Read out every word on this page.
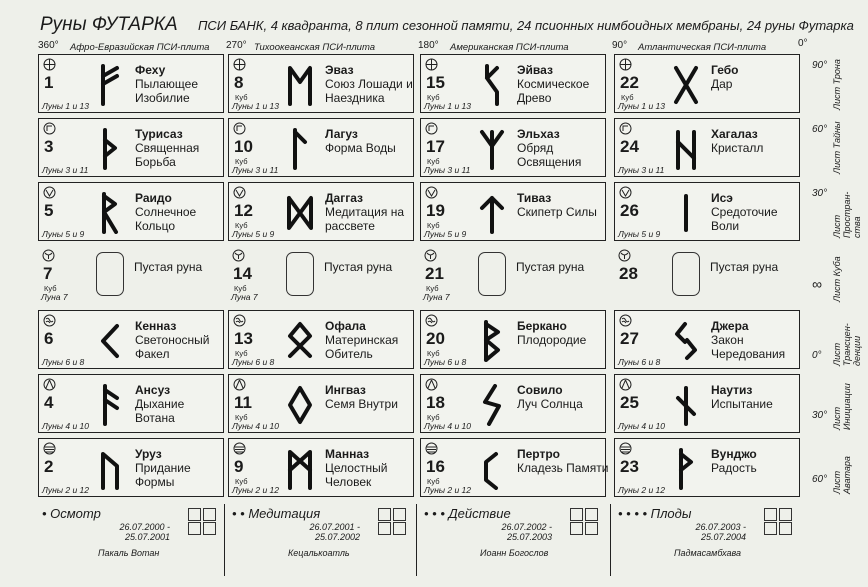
Руны ФУТАРКА ПСИ БАНК, 4 квадранта, 8 плит сезонной памяти, 24 псионных нимбоидных мембраны, 24 руны Футарка
360° Афро-Евразийская ПСИ-плита 270° Тихоокеанская ПСИ-плита	180° Американская ПСИ-плита	90° Атлантическая ПСИ-плита	0°
1
Луны 1 и 13
Феху
Пылающее Изобилие
3
Луны 3 и 11
Турисаз
Священная Борьба
5
Луны 5 и 9
Раидо
Солнечное Кольцо
7
Куб
Луна 7
Пустая руна
6
Луны 6 и 8
Кенназ
Светоносный Факел
4
Луны 4 и 10
Ансуз
Дыхание Вотана
2
Луны 2 и 12
Уруз
Придание Формы
8
Куб
Луны 1 и 13
Эваз
Союз Лошади и Наездника
10
Куб
Луны 3 и 11
Лагуз
Форма Воды
12
Куб
Луны 5 и 9
Даггаз
Медитация на рассвете
14
Куб
Луна 7
Пустая руна
13
Куб
Луны 6 и 8
Офала
Материнская Обитель
11
Куб
Луны 4 и 10
Ингваз
Семя Внутри
9
Куб
Луны 2 и 12
Манназ
Целостный Человек
15
Куб
Луны 1 и 13
Эйваз
Космическое Древо
17
Куб
Луны 3 и 11
Эльхаз
Обряд Освящения
19
Куб
Луны 5 и 9
Тиваз
Скипетр Силы
21
Куб
Луна 7
Пустая руна
20
Куб
Луны 6 и 8
Беркано
Плодородие
18
Куб
Луны 4 и 10
Совило
Луч Солнца
16
Куб
Луны 2 и 12
Пертро
Кладезь Памяти
22
Куб
Луны 1 и 13
Гебо
Дар
24
Луны 3 и 11
Хагалаз
Кристалл
26
Луны 5 и 9
Исэ
Средоточие Воли
28	Пустая руна
27
Луны 6 и 8
Джера
Закон Чередования
25
Луны 4 и 10
Наутиз
Испытание
23
Луны 2 и 12
Вунджо
Радость
90°
60°
30°
0°
30°
60°
∞
Лист Трона
Лист Тайны
Лист Простран- ства
Лист Куба
Лист Трансцен- денции
Лист Инициации
Лист Аватара
• Осмотр
26.07.2000 - 25.07.2001
Пакаль Вотан
• • Медитация
26.07.2001 - 25.07.2002
Кецалькоатль
• • • Действие
26.07.2002 - 25.07.2003
Иоанн Богослов
• • • • Плоды
26.07.2003 - 25.07.2004
Падмасамбхава
